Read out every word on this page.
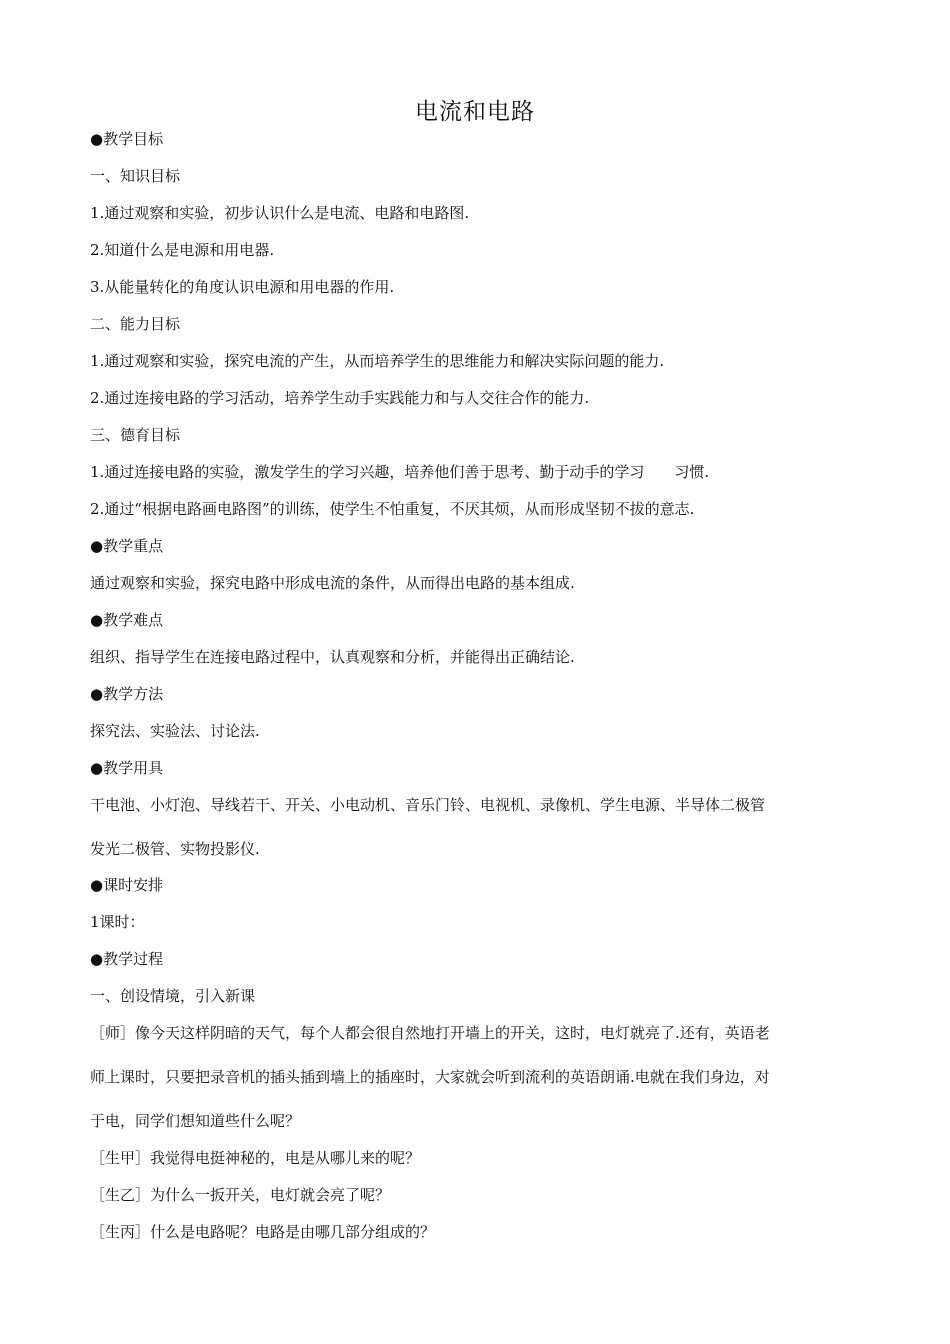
电流和电路
●教学目标
一、知识目标
1.通过观察和实验，初步认识什么是电流、电路和电路图.
2.知道什么是电源和用电器.
3.从能量转化的角度认识电源和用电器的作用.
二、能力目标
1.通过观察和实验，探究电流的产生，从而培养学生的思维能力和解决实际问题的能力.
2.通过连接电路的学习活动，培养学生动手实践能力和与人交往合作的能力.
三、德育目标
1.通过连接电路的实验，激发学生的学习兴趣，培养他们善于思考、勤于动手的学习　　习惯.
2.通过“根据电路画电路图”的训练，使学生不怕重复，不厌其烦，从而形成坚韧不拔的意志.
●教学重点
通过观察和实验，探究电路中形成电流的条件，从而得出电路的基本组成.
●教学难点
组织、指导学生在连接电路过程中，认真观察和分析，并能得出正确结论.
●教学方法
探究法、实验法、讨论法.
●教学用具
干电池、小灯泡、导线若干、开关、小电动机、音乐门铃、电视机、录像机、学生电源、半导体二极管
发光二极管、实物投影仪.
●课时安排
1课时：
●教学过程
一、创设情境，引入新课
［师］像今天这样阴暗的天气，每个人都会很自然地打开墙上的开关，这时，电灯就亮了.还有，英语老
师上课时，只要把录音机的插头插到墙上的插座时，大家就会听到流利的英语朗诵.电就在我们身边，对
于电，同学们想知道些什么呢？
［生甲］我觉得电挺神秘的，电是从哪儿来的呢？
［生乙］为什么一扳开关，电灯就会亮了呢？
［生丙］什么是电路呢？电路是由哪几部分组成的？
